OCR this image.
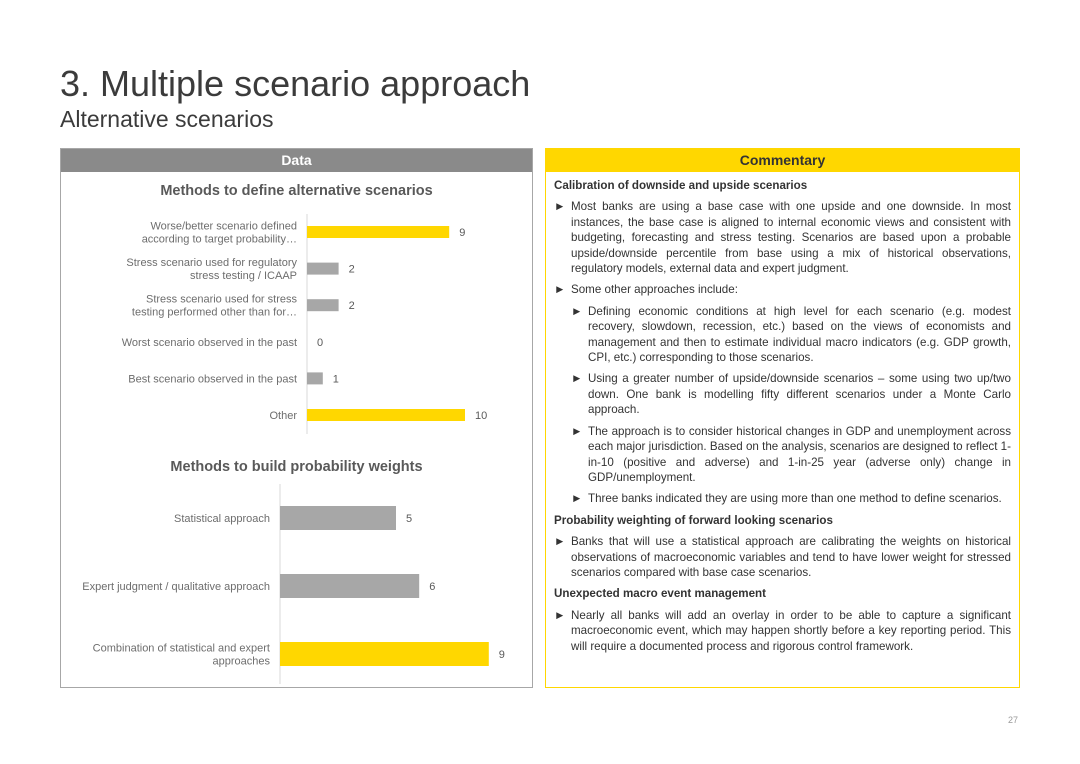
3. Multiple scenario approach
Alternative scenarios
Data
Methods to define alternative scenarios
9
Worse/better scenario defined
according to target probability…
2
Stress scenario used for regulatory
stress testing / ICAAP
2
Stress scenario used for stress
testing performed other than for…
0
Worst scenario observed in the past
1
Best scenario observed in the past
10
Other
Methods to build probability weights
5
Statistical approach
6
Expert judgment / qualitative approach
9
Combination of statistical and expert
approaches
Commentary
Calibration of downside and upside scenarios
► Most banks are using a base case with one upside and one downside. In most instances, the base case is aligned to internal economic views and consistent with budgeting, forecasting and stress testing. Scenarios are based upon a probable upside/downside percentile from base using a mix of historical observations, regulatory models, external data and expert judgment.
► Some other approaches include:
► Defining economic conditions at high level for each scenario (e.g. modest recovery, slowdown, recession, etc.) based on the views of economists and management and then to estimate individual macro indicators (e.g. GDP growth, CPI, etc.) corresponding to those scenarios.
► Using a greater number of upside/downside scenarios – some using two up/two down. One bank is modelling fifty different scenarios under a Monte Carlo approach.
► The approach is to consider historical changes in GDP and unemployment across each major jurisdiction. Based on the analysis, scenarios are designed to reflect 1-in-10 (positive and adverse) and 1-in-25 year (adverse only) change in GDP/unemployment.
► Three banks indicated they are using more than one method to define scenarios.
Probability weighting of forward looking scenarios
► Banks that will use a statistical approach are calibrating the weights on historical observations of macroeconomic variables and tend to have lower weight for stressed scenarios compared with base case scenarios.
Unexpected macro event management
► Nearly all banks will add an overlay in order to be able to capture a significant macroeconomic event, which may happen shortly before a key reporting period. This will require a documented process and rigorous control framework.
27
